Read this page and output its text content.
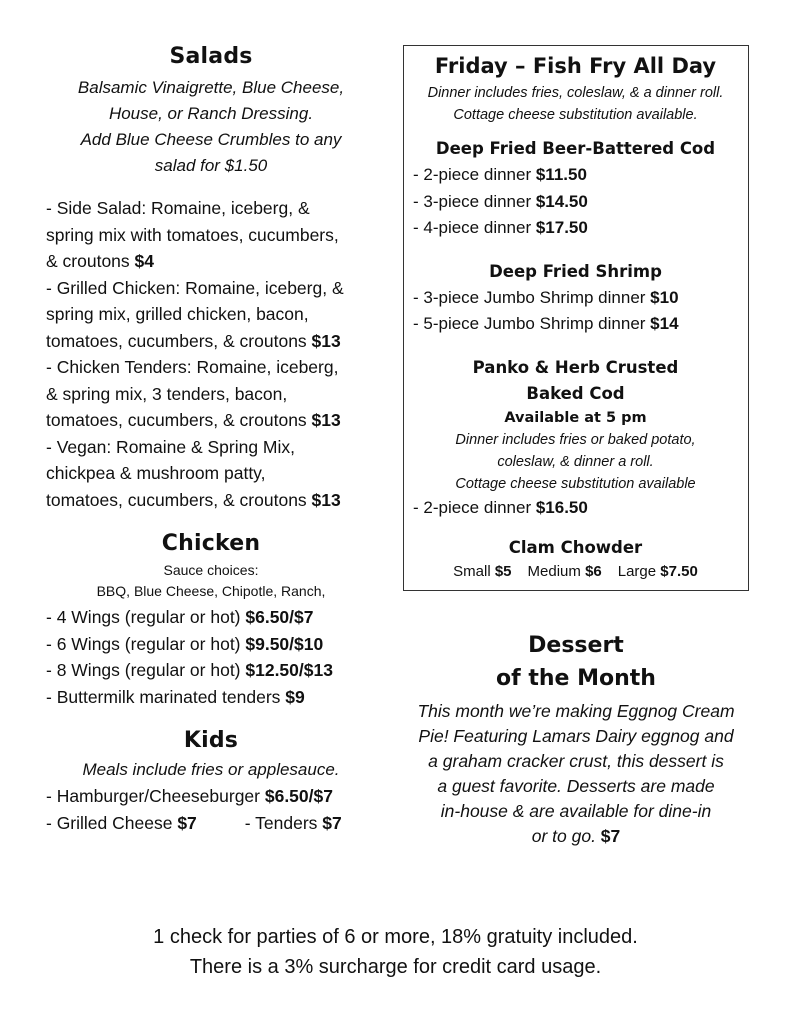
Salads

Balsamic Vinaigrette, Blue Cheese,

House, or Ranch Dressing.

Add Blue Cheese Crumbles to any

salad for $1.50

- Side Salad: Romaine, iceberg, &

spring mix with tomatoes, cucumbers,

& croutons $4

- Grilled Chicken: Romaine, iceberg, &

spring mix, grilled chicken, bacon,

tomatoes, cucumbers, & croutons $13

- Chicken Tenders: Romaine, iceberg,

& spring mix, 3 tenders, bacon,

tomatoes, cucumbers, & croutons $13

- Vegan: Romaine & Spring Mix,

chickpea & mushroom patty,

tomatoes, cucumbers, & croutons $13

Chicken

Sauce choices:

BBQ, Blue Cheese, Chipotle, Ranch,

- 4 Wings (regular or hot) $6.50/$7

- 6 Wings (regular or hot) $9.50/$10

- 8 Wings (regular or hot) $12.50/$13

- Buttermilk marinated tenders $9

Kids

Meals include fries or applesauce.

- Hamburger/Cheeseburger $6.50/$7

- Grilled Cheese $7	- Tenders $7

Friday – Fish Fry All Day

Dinner includes fries, coleslaw, & a dinner roll.

Cottage cheese substitution available.

Deep Fried Beer-Battered Cod

- 2-piece dinner $11.50

- 3-piece dinner $14.50

- 4-piece dinner $17.50

Deep Fried Shrimp

- 3-piece Jumbo Shrimp dinner $10

- 5-piece Jumbo Shrimp dinner $14

Panko & Herb Crusted
Baked Cod

Available at 5 pm

Dinner includes fries or baked potato,

coleslaw, & dinner a roll.

Cottage cheese substitution available

- 2-piece dinner $16.50

Clam Chowder

Small $5 Medium $6 Large $7.50

Dessert
of the Month

This month we’re making Eggnog Cream

Pie! Featuring Lamars Dairy eggnog and

a graham cracker crust, this dessert is

a guest favorite. Desserts are made

in-house & are available for dine-in

or to go. $7

1 check for parties of 6 or more, 18% gratuity included.
There is a 3% surcharge for credit card usage.
